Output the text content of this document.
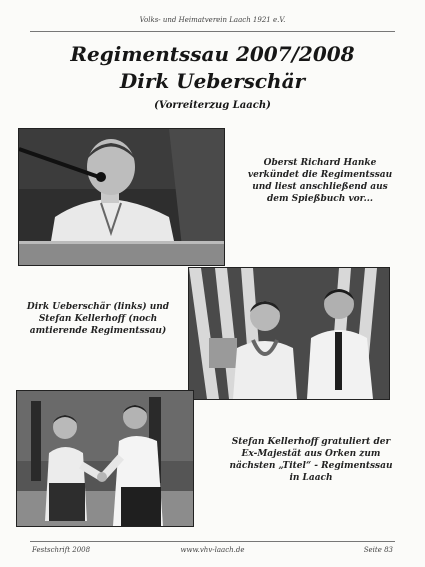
Volks- und Heimatverein Laach 1921 e.V.
Regimentssau 2007/2008
Dirk Ueberschär
(Vorreiterzug Laach)
Oberst Richard Hanke verkündet die Regimentssau und liest anschließend aus dem Spießbuch vor...
Dirk Ueberschär (links) und Stefan Kellerhoff (noch amtierende Regimentssau)
Stefan Kellerhoff gratuliert der Ex-Majestät aus Orken zum nächsten „Titel“ - Regimentssau in Laach
Festschrift 2008	www.vhv-laach.de	Seite 83
